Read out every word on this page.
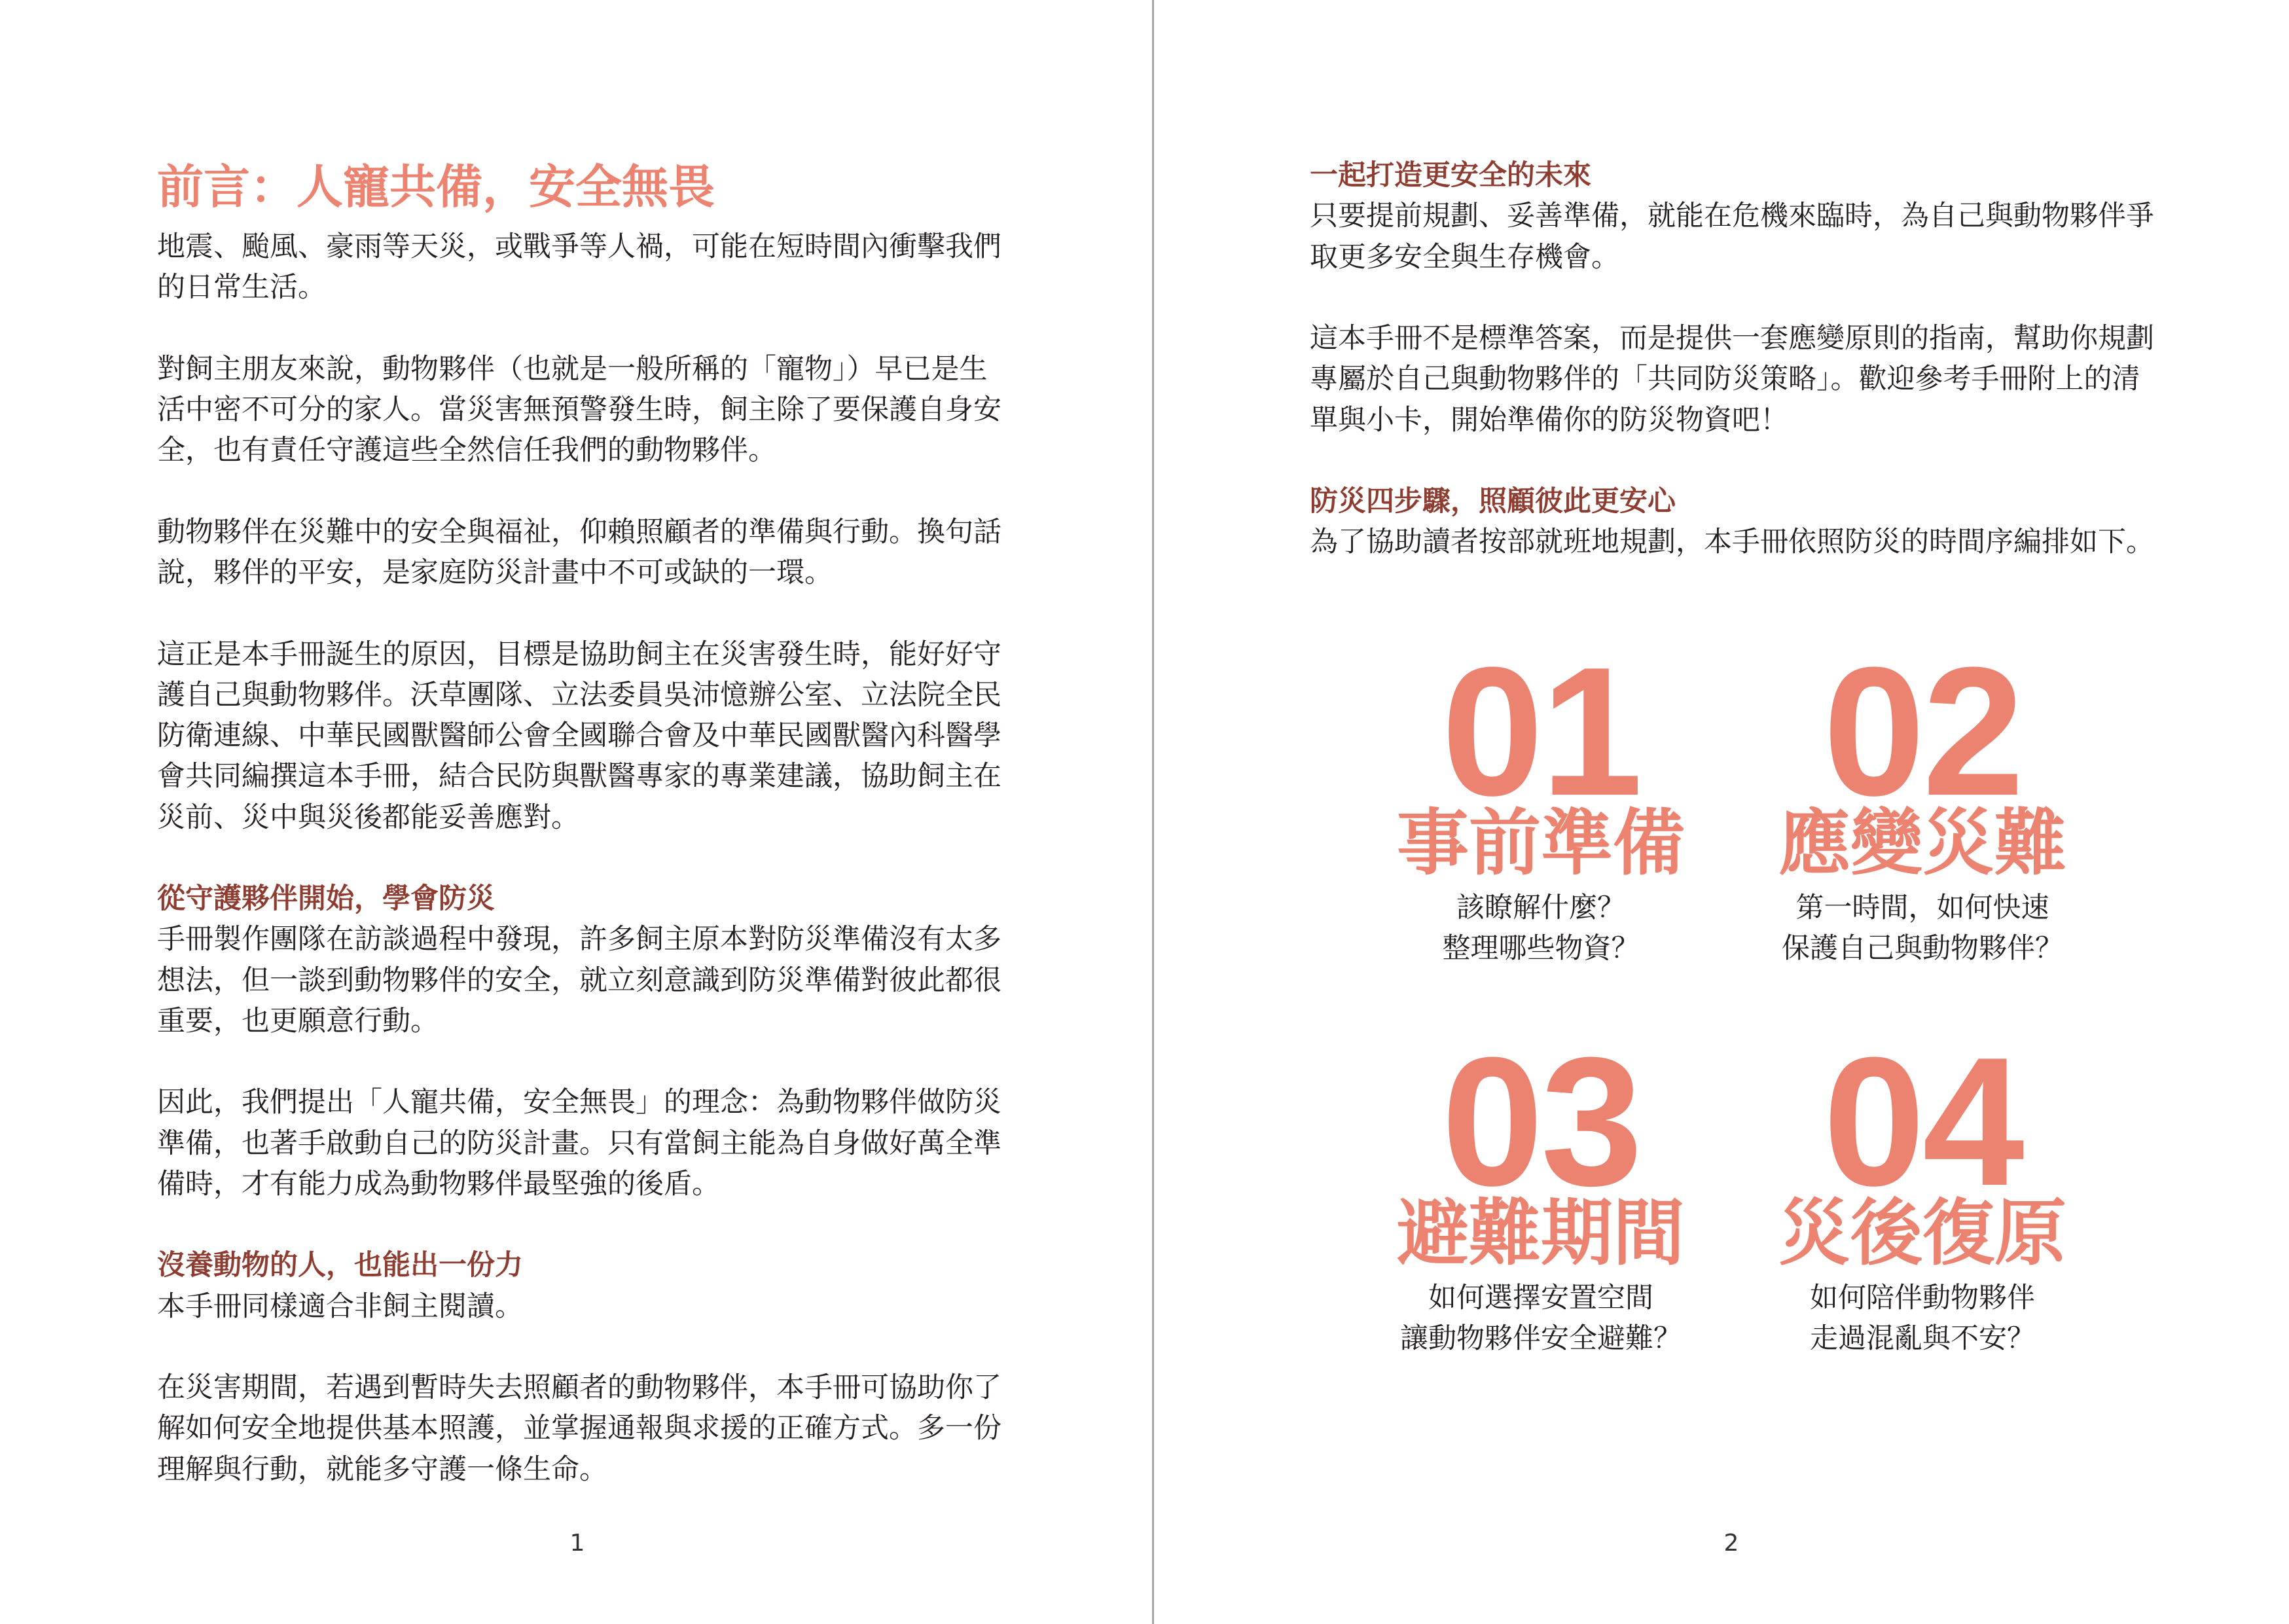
前言：人寵共備，安全無畏
地震、颱風、豪雨等天災，或戰爭等人禍，可能在短時間內衝擊我們
的日常生活。
對飼主朋友來說，動物夥伴（也就是一般所稱的「寵物」）早已是生
活中密不可分的家人。當災害無預警發生時，飼主除了要保護自身安
全，也有責任守護這些全然信任我們的動物夥伴。
動物夥伴在災難中的安全與福祉，仰賴照顧者的準備與行動。換句話
說，夥伴的平安，是家庭防災計畫中不可或缺的一環。
這正是本手冊誕生的原因，目標是協助飼主在災害發生時，能好好守
護自己與動物夥伴。沃草團隊、立法委員吳沛憶辦公室、立法院全民
防衛連線、中華民國獸醫師公會全國聯合會及中華民國獸醫內科醫學
會共同編撰這本手冊，結合民防與獸醫專家的專業建議，協助飼主在
災前、災中與災後都能妥善應對。
從守護夥伴開始，學會防災
手冊製作團隊在訪談過程中發現，許多飼主原本對防災準備沒有太多
想法，但一談到動物夥伴的安全，就立刻意識到防災準備對彼此都很
重要，也更願意行動。
因此，我們提出「人寵共備，安全無畏」的理念：為動物夥伴做防災
準備，也著手啟動自己的防災計畫。只有當飼主能為自身做好萬全準
備時，才有能力成為動物夥伴最堅強的後盾。
沒養動物的人，也能出一份力
本手冊同樣適合非飼主閱讀。
在災害期間，若遇到暫時失去照顧者的動物夥伴，本手冊可協助你了
解如何安全地提供基本照護，並掌握通報與求援的正確方式。多一份
理解與行動，就能多守護一條生命。
1
一起打造更安全的未來
只要提前規劃、妥善準備，就能在危機來臨時，為自己與動物夥伴爭
取更多安全與生存機會。
這本手冊不是標準答案，而是提供一套應變原則的指南，幫助你規劃
專屬於自己與動物夥伴的「共同防災策略」。歡迎參考手冊附上的清
單與小卡，開始準備你的防災物資吧！
防災四步驟，照顧彼此更安心
為了協助讀者按部就班地規劃，本手冊依照防災的時間序編排如下。
01
事前準備
該瞭解什麼？
整理哪些物資？
02
應變災難
第一時間，如何快速
保護自己與動物夥伴？
03
避難期間
如何選擇安置空間
讓動物夥伴安全避難？
04
災後復原
如何陪伴動物夥伴
走過混亂與不安？
2
